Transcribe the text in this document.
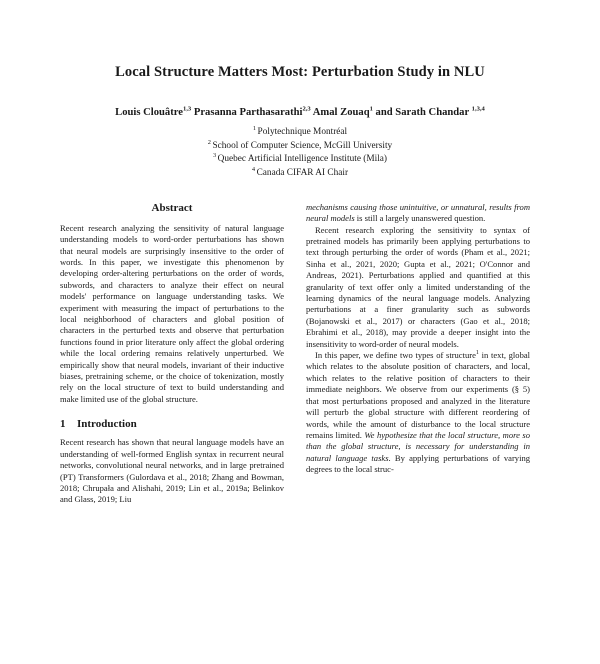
Local Structure Matters Most: Perturbation Study in NLU
Louis Clouâtre$^{1,3}$ Prasanna Parthasarathi$^{2,3}$ Amal Zouaq$^1$ and Sarath Chandar $^{1,3,4}$
$^1$ Polytechnique Montréal
$^2$ School of Computer Science, McGill University
$^3$ Quebec Artificial Intelligence Institute (Mila)
$^4$ Canada CIFAR AI Chair
Abstract

Recent research analyzing the sensitivity of natural language understanding models to word-order perturbations has shown that neural models are surprisingly insensitive to the order of words. In this paper, we investigate this phenomenon by developing order-altering perturbations on the order of words, subwords, and characters to analyze their effect on neural models' performance on language understanding tasks. We experiment with measuring the impact of perturbations to the local neighborhood of characters and global position of characters in the perturbed texts and observe that perturbation functions found in prior literature only affect the global ordering while the local ordering remains relatively unperturbed. We empirically show that neural models, invariant of their inductive biases, pretraining scheme, or the choice of tokenization, mostly rely on the local structure of text to build understanding and make limited use of the global structure.

1 Introduction

Recent research has shown that neural language models have an understanding of well-formed English syntax in recurrent neural networks, convolutional neural networks, and in large pretrained (PT) Transformers (Gulordava et al., 2018; Zhang and Bowman, 2018; Chrupała and Alishahi, 2019; Lin et al., 2019a; Belinkov and Glass, 2019; Liu

mechanisms causing those unintuitive, or unnatural, results from neural models is still a largely unanswered question.

Recent research exploring the sensitivity to syntax of pretrained models has primarily been applying perturbations to text through perturbing the order of words (Pham et al., 2021; Sinha et al., 2021, 2020; Gupta et al., 2021; O'Connor and Andreas, 2021). Perturbations applied and quantified at this granularity of text offer only a limited understanding of the learning dynamics of the neural language models. Analyzing perturbations at a finer granularity such as subwords (Bojanowski et al., 2017) or characters (Gao et al., 2018; Ebrahimi et al., 2018), may provide a deeper insight into the insensitivity to word-order of neural models.

In this paper, we define two types of structure$^1$ in text, global which relates to the absolute position of characters, and local, which relates to the relative position of characters to their immediate neighbors. We observe from our experiments (§ 5) that most perturbations proposed and analyzed in the literature will perturb the global structure with different reordering of words, while the amount of disturbance to the local structure remains limited. We hypothesize that the local structure, more so than the global structure, is necessary for understanding in natural language tasks. By applying perturbations of varying degrees to the local struc-
